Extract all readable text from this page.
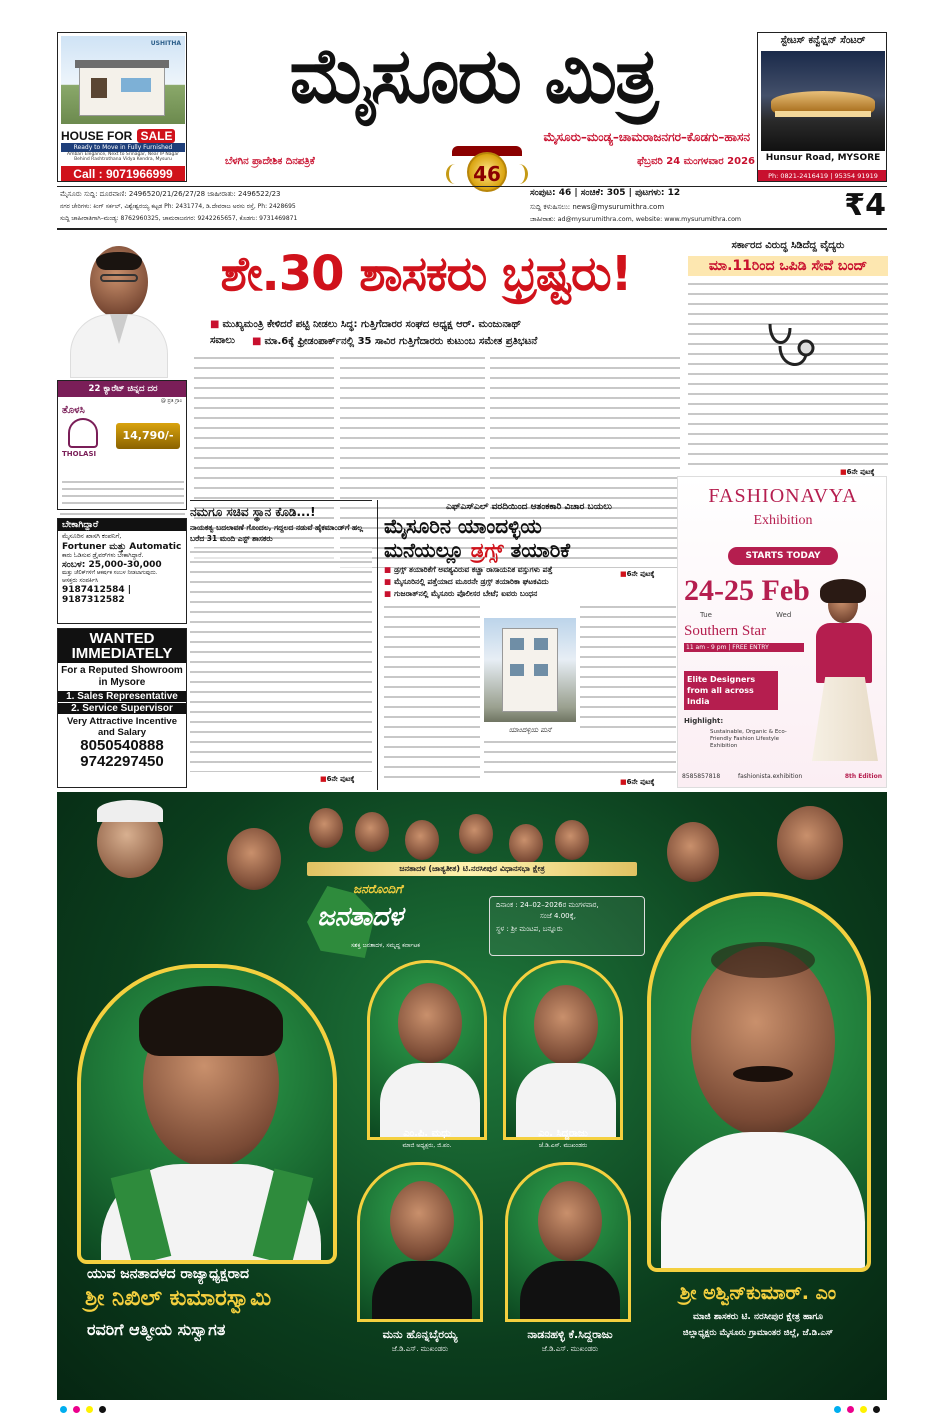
USHITHA
HOUSE FOR SALE
Ready to Move in Fully Furnished
Ambari Elegance, Next to Srinagar, Near IP Nagar Behind Rashtrothana Vidya Kendra, Mysuru
Call : 9071966999
ಮೈಸೂರು ಮಿತ್ರ
ಮೈಸೂರು–ಮಂಡ್ಯ–ಚಾಮರಾಜನಗರ–ಕೊಡಗು–ಹಾಸನ
ಬೆಳಗಿನ ಪ್ರಾದೇಶಿಕ ದಿನಪತ್ರಿಕೆ
46
ಫೆಬ್ರವರಿ 24 ಮಂಗಳವಾರ 2026
ಸ್ಟೇಟಸ್ ಕನ್ವೆನ್ಷನ್ ಸೆಂಟರ್
Hunsur Road, MYSORE
Ph: 0821-2416419 | 95354 91919
ಮೈಸೂರು ಸುದ್ದಿ: ದೂರವಾಣಿ: 2496520/21/26/27/28 ಜಾಹೀರಾತು: 2496522/23
ನಗರ ಚೇರಿಗಳು: ಕಿಂಗ್ ಸರ್ಕಲ್, ವಿಶ್ವೇಶ್ವರಯ್ಯ ಕಟ್ಟಡ Ph: 2431774, ಡಿ.ದೇವರಾಜ ಅರಸು ರಸ್ತೆ, Ph: 2428695
ಸುದ್ದಿ ಚಾಹೀರಾತಿಗಾಗಿ–ಮಂಡ್ಯ: 8762960325, ಚಾಮರಾಜನಗರ: 9242265657, ಕೊಡಗು: 9731469871
ಸಂಪುಟ: 46 | ಸಂಚಿಕೆ: 305 | ಪುಟಗಳು: 12
ಸುದ್ದಿ ಕಳುಹಿಸಲು: news@mysurumithra.com
ಜಾಹೀರಾತು: ad@mysurumithra.com, website: www.mysurumithra.com	₹4
ಶೇ.30 ಶಾಸಕರು ಭ್ರಷ್ಟರು!
■ ಮುಖ್ಯಮಂತ್ರಿ ಕೇಳಿದರೆ ಪಟ್ಟಿ ನೀಡಲು ಸಿದ್ಧ: ಗುತ್ತಿಗೆದಾರರ ಸಂಘದ ಅಧ್ಯಕ್ಷ ಆರ್. ಮಂಜುನಾಥ್
ಸವಾಲು
■	ಮಾ.6ಕ್ಕೆ ಫ್ರೀಡಂಪಾರ್ಕ್‌ನಲ್ಲಿ 35 ಸಾವಿರ ಗುತ್ತಿಗೆದಾರರು ಕುಟುಂಬ ಸಮೇತ ಪ್ರತಿಭಟನೆ
■6ನೇ ಪುಟಕ್ಕೆ
22 ಕ್ಯಾರೆಟ್ ಚಿನ್ನದ ದರ
@ ಪ್ರತಿ ಗ್ರಾಂ
ತೊಳಸಿ
THOLASI
14,790/-
ಬೇಕಾಗಿದ್ದಾರೆ
ಮೈಸೂರಿನ ಖಾಸಗಿ ಕಂಪನಿಗೆ,
Fortuner ಮತ್ತು Automatic
ಕಾರು ಓಡಿಸುವ ಡ್ರೈವರ್‌ಗಳು ಬೇಕಾಗಿದ್ದಾರೆ.
ಸಂಬಳ: 25,000-30,000
ಮತ್ತು ಚೆಲಿಕ್‌ಗಳಿಗೆ ಆಕರ್ಷಕ ಸಂಬಳ ನೀಡಲಾಗುವುದು.
ಆಸಕ್ತರು ಸಂಪರ್ಕಿಸಿ
9187412584 | 9187312582
WANTED IMMEDIATELY
For a Reputed Showroom in Mysore
1. Sales Representative
2. Service Supervisor
Very Attractive Incentive and Salary
8050540888
9742297450
ಸರ್ಕಾರದ ವಿರುದ್ಧ ಸಿಡಿದೆದ್ದ ವೈದ್ಯರು
ಮಾ.11ರಿಂದ ಒಪಿಡಿ ಸೇವೆ ಬಂದ್
■6ನೇ ಪುಟಕ್ಕೆ
FASHIONAVYA
Exhibition
STARTS TODAY
24-25 Feb
Tue	Wed
Southern Star
11 am - 9 pm | FREE ENTRY
Elite Designers from all across India
Highlight:
Sustainable, Organic & Eco-Friendly Fashion Lifestyle Exhibition
8585857818	fashionista.exhibition	8th Edition
ನಮಗೂ ಸಚಿವ ಸ್ಥಾನ ಕೊಡಿ...!
ನಾಯಕತ್ವ ಬದಲಾವಣೆ ಗೊಂದಲ, ಗದ್ದಲದ ನಡುವೆ ಹೈಕಮಾಂಡ್‌ಗೆ ಹಲ್ಲ ಬರೆದ 31 ಮಂದಿ ಎಸ್ಟ್ ಶಾಸಕರು
■6ನೇ ಪುಟಕ್ಕೆ
ಎಫ್ಎಸ್ಎಲ್ ವರದಿಯಿಂದ ಆತಂಕಕಾರಿ ವಿಚಾರ ಬಯಲು
ಮೈಸೂರಿನ ಯಾಂದಳ್ಳಿಯ
ಮನೆಯಲ್ಲೂ ಡ್ರಗ್ಸ್ ತಯಾರಿಕೆ
■ ಡ್ರಗ್ಸ್ ತಯಾರಿಕೆಗೆ ಅವಶ್ಯವಿರುವ ಕಚ್ಚಾ ರಾಸಾಯನಿಕ ವಸ್ತುಗಳು ಪತ್ತೆ
■ ಮೈಸೂರಿನಲ್ಲಿ ಪತ್ತೆಯಾದ ಮೂರನೇ ಡ್ರಗ್ಸ್ ತಯಾರಿಕಾ ಘಟಕವಿದು
■ ಗುಜರಾತ್‌ನಲ್ಲಿ ಮೈಸೂರು ಪೊಲೀಸರ ಬೇಟೆ; ಐವರು ಬಂಧನ
ಯಾಂದಳ್ಳಿಯ ಮನೆ
■6ನೇ ಪುಟಕ್ಕೆ
ಜನತಾದಳ (ಜಾತ್ಯತೀತ) ಟಿ.ನರಸೀಪುರ ವಿಧಾನಸಭಾ ಕ್ಷೇತ್ರ
ಜನರೊಂದಿಗೆ
ಜನತಾದಳ
ಸಶಕ್ತ ಜನತಾದಳ, ಸಮೃದ್ಧ ಕರ್ನಾಟಕ
ದಿನಾಂಕ : 24–02–2026ರ ಮಂಗಳವಾರ,
ಸಂಜೆ 4.00ಕ್ಕೆ,
ಸ್ಥಳ : ಶ್ರೀ ಮಂಟಪ, ಬನ್ನೂರು
ಯುವ ಜನತಾದಳದ ರಾಜ್ಯಾಧ್ಯಕ್ಷರಾದ
ಶ್ರೀ ನಿಖಿಲ್ ಕುಮಾರಸ್ವಾಮಿ
ರವರಿಗೆ ಆತ್ಮೀಯ ಸುಸ್ವಾಗತ
ಎಂ.ಪಿ. ಮಧು
ಮಾಜಿ ಅಧ್ಯಕ್ಷರು, ಜಿ.ಪಂ.
ಎಂ. ಸಿದ್ದರಾಜು
ಜೆ.ಡಿ.ಎಸ್. ಮುಖಂಡರು
ಮನು ಹೊನ್ನಬೈರಯ್ಯ
ಜೆ.ಡಿ.ಎಸ್. ಮುಖಂಡರು
ನಾಡನಹಳ್ಳಿ ಕೆ.ಸಿದ್ದರಾಜು
ಜೆ.ಡಿ.ಎಸ್. ಮುಖಂಡರು
ಶ್ರೀ ಅಶ್ವಿನ್‌ಕುಮಾರ್. ಎಂ
ಮಾಜಿ ಶಾಸಕರು ಟಿ. ನರಸೀಪುರ ಕ್ಷೇತ್ರ ಹಾಗೂ
ಜಿಲ್ಲಾಧ್ಯಕ್ಷರು ಮೈಸೂರು ಗ್ರಾಮಾಂತರ ಜಿಲ್ಲೆ, ಜೆ.ಡಿ.ಎಸ್
